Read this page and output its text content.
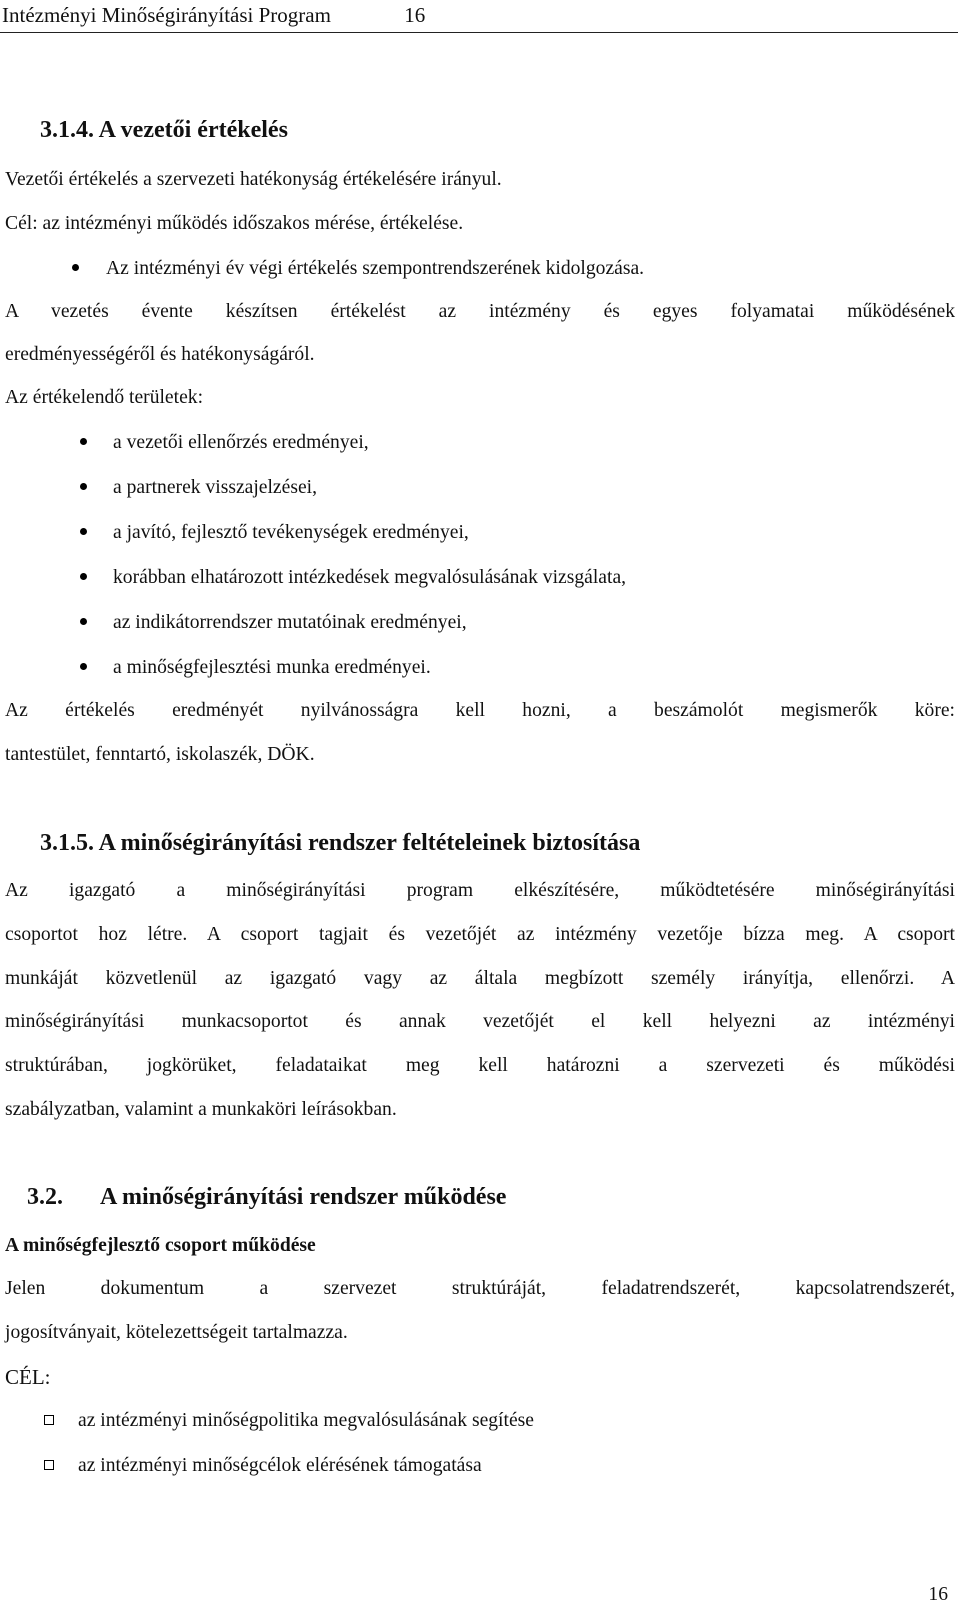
Intézményi Minőségirányítási Program	16
3.1.4. A vezetői értékelés
Vezetői értékelés a szervezeti hatékonyság értékelésére irányul.
Cél: az intézményi működés időszakos mérése, értékelése.
Az intézményi év végi értékelés szempontrendszerének kidolgozása.
A vezetés évente készítsen értékelést az intézmény és egyes folyamatai működésének
eredményességéről és hatékonyságáról.
Az értékelendő területek:
a vezetői ellenőrzés eredményei,
a partnerek visszajelzései,
a javító, fejlesztő tevékenységek eredményei,
korábban elhatározott intézkedések megvalósulásának vizsgálata,
az indikátorrendszer mutatóinak eredményei,
a minőségfejlesztési munka eredményei.
Az értékelés eredményét nyilvánosságra kell hozni, a beszámolót megismerők köre:
tantestület, fenntartó, iskolaszék, DÖK.
3.1.5. A minőségirányítási rendszer feltételeinek biztosítása
Az igazgató a minőségirányítási program elkészítésére, működtetésére minőségirányítási
csoportot hoz létre. A csoport tagjait és vezetőjét az intézmény vezetője bízza meg. A csoport
munkáját közvetlenül az igazgató vagy az általa megbízott személy irányítja, ellenőrzi. A
minőségirányítási munkacsoportot és annak vezetőjét el kell helyezni az intézményi
struktúrában, jogkörüket, feladataikat meg kell határozni a szervezeti és működési
szabályzatban, valamint a munkaköri leírásokban.
3.2. A minőségirányítási rendszer működése
A minőségfejlesztő csoport működése
Jelen dokumentum a szervezet struktúráját, feladatrendszerét, kapcsolatrendszerét,
jogosítványait, kötelezettségeit tartalmazza.
CÉL:
az intézményi minőségpolitika megvalósulásának segítése
az intézményi minőségcélok elérésének támogatása
16
